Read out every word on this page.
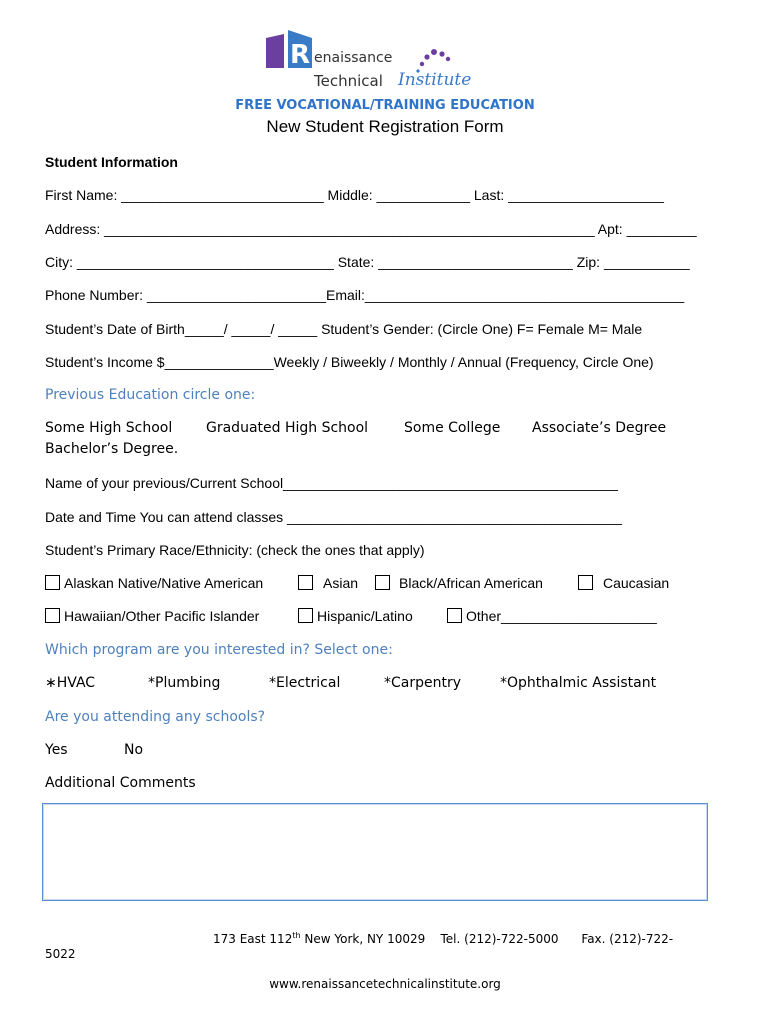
R enaissance
Technical Institute
FREE VOCATIONAL/TRAINING EDUCATION
New Student Registration Form
Student Information
First Name: __________________________ Middle: ____________ Last: ____________________
Address: _______________________________________________________________ Apt: _________
City: _________________________________ State: _________________________ Zip: ___________
Phone Number: _______________________Email:_________________________________________
Student’s Date of Birth_____/ _____/ _____ Student’s Gender: (Circle One) F= Female M= Male
Student’s Income $______________Weekly / Biweekly / Monthly / Annual (Frequency, Circle One)
Previous Education circle one:
Some High School Graduated High School	Some College Associate’s Degree
Bachelor’s Degree.
Name of your previous/Current School___________________________________________
Date and Time You can attend classes ___________________________________________
Student’s Primary Race/Ethnicity: (check the ones that apply)
Alaskan Native/Native American	Asian	Black/African American	Caucasian
Hawaiian/Other Pacific Islander	Hispanic/Latino	Other____________________
Which program are you interested in? Select one:
∗HVAC	*Plumbing	*Electrical	*Carpentry	*Ophthalmic Assistant
Are you attending any schools?
Yes	No
Additional Comments
173 East 112th New York, NY 10029    Tel. (212)-722-5000      Fax. (212)-722-
5022
www.renaissancetechnicalinstitute.org
